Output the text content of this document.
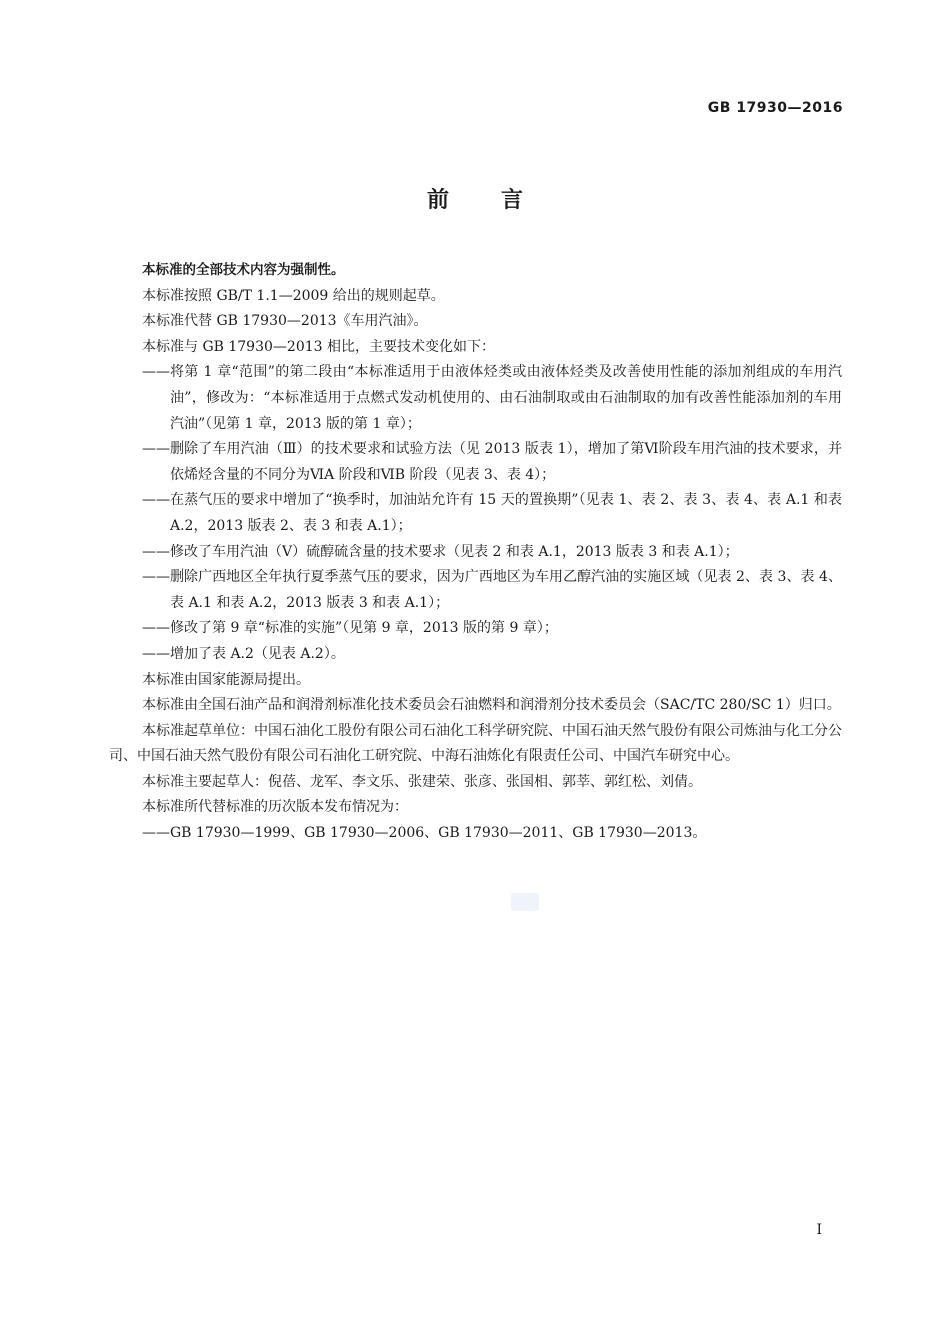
GB 17930—2016
前言

本标准的全部技术内容为强制性。

本标准按照 GB/T 1.1—2009 给出的规则起草。

本标准代替 GB 17930—2013《车用汽油》。

本标准与 GB 17930—2013 相比，主要技术变化如下：

—— 将第 1 章“范围”的第二段由“本标准适用于由液体烃类或由液体烃类及改善使用性能的添加剂组成的车用汽油”，修改为：“本标准适用于点燃式发动机使用的、由石油制取或由石油制取的加有改善性能添加剂的车用汽油”（见第 1 章，2013 版的第 1 章）；
—— 删除了车用汽油（Ⅲ）的技术要求和试验方法（见 2013 版表 1），增加了第Ⅵ阶段车用汽油的技术要求，并依烯烃含量的不同分为ⅥA 阶段和ⅥB 阶段（见表 3、表 4）；
—— 在蒸气压的要求中增加了“换季时，加油站允许有 15 天的置换期”（见表 1、表 2、表 3、表 4、表 A.1 和表 A.2，2013 版表 2、表 3 和表 A.1）；
—— 修改了车用汽油（Ⅴ）硫醇硫含量的技术要求（见表 2 和表 A.1，2013 版表 3 和表 A.1）；
—— 删除广西地区全年执行夏季蒸气压的要求，因为广西地区为车用乙醇汽油的实施区域（见表 2、表 3、表 4、表 A.1 和表 A.2，2013 版表 3 和表 A.1）；
—— 修改了第 9 章“标准的实施”（见第 9 章，2013 版的第 9 章）；
—— 增加了表 A.2（见表 A.2）。

本标准由国家能源局提出。

本标准由全国石油产品和润滑剂标准化技术委员会石油燃料和润滑剂分技术委员会（SAC/TC 280/SC 1）归口。

本标准起草单位：中国石油化工股份有限公司石油化工科学研究院、中国石油天然气股份有限公司炼油与化工分公司、中国石油天然气股份有限公司石油化工研究院、中海石油炼化有限责任公司、中国汽车研究中心。

本标准主要起草人：倪蓓、龙军、李文乐、张建荣、张彦、张国相、郭莘、郭红松、刘倩。

本标准所代替标准的历次版本发布情况为：

—— GB 17930—1999、GB 17930—2006、GB 17930—2011、GB 17930—2013。
I
